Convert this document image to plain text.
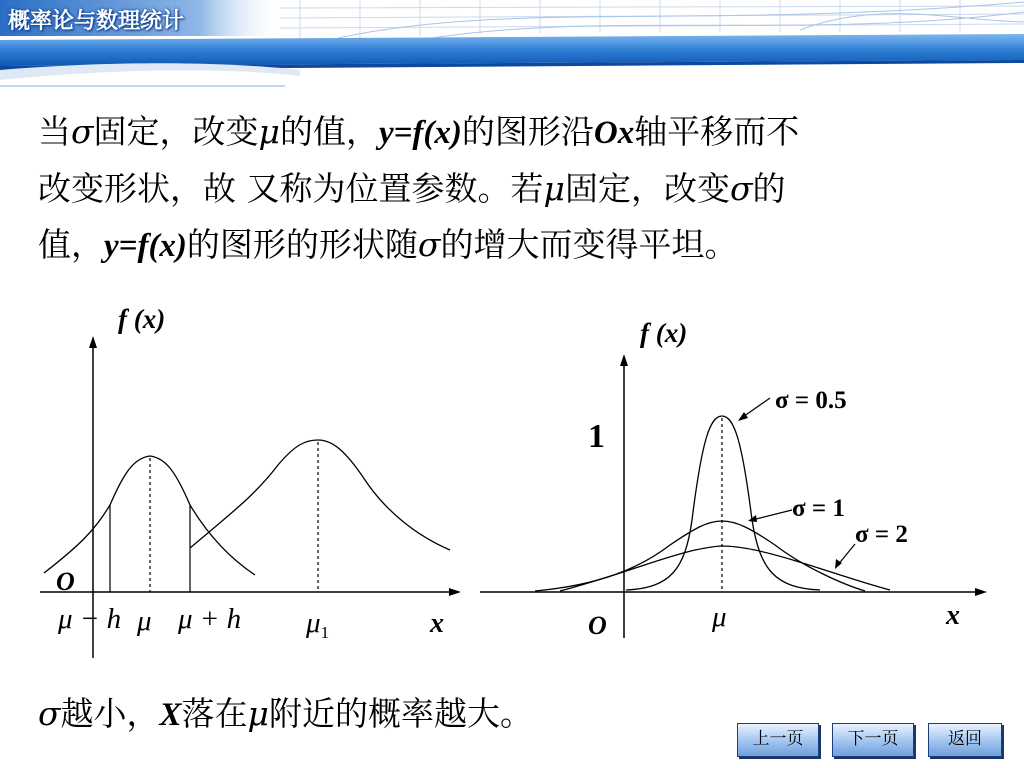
概率论与数理统计
当σ固定，改变μ的值，y=f(x)的图形沿Ox轴平移而不
改变形状，故 又称为位置参数。若μ固定，改变σ的
值，y=f(x)的图形的形状随σ的增大而变得平坦。
f (x)
O
x
μ − h μ μ + h $\mu_1$
f (x)
1
σ = 0.5
σ = 1
σ = 2
O	μ	x
σ越小，X落在μ附近的概率越大。
上一页	下一页	返回
